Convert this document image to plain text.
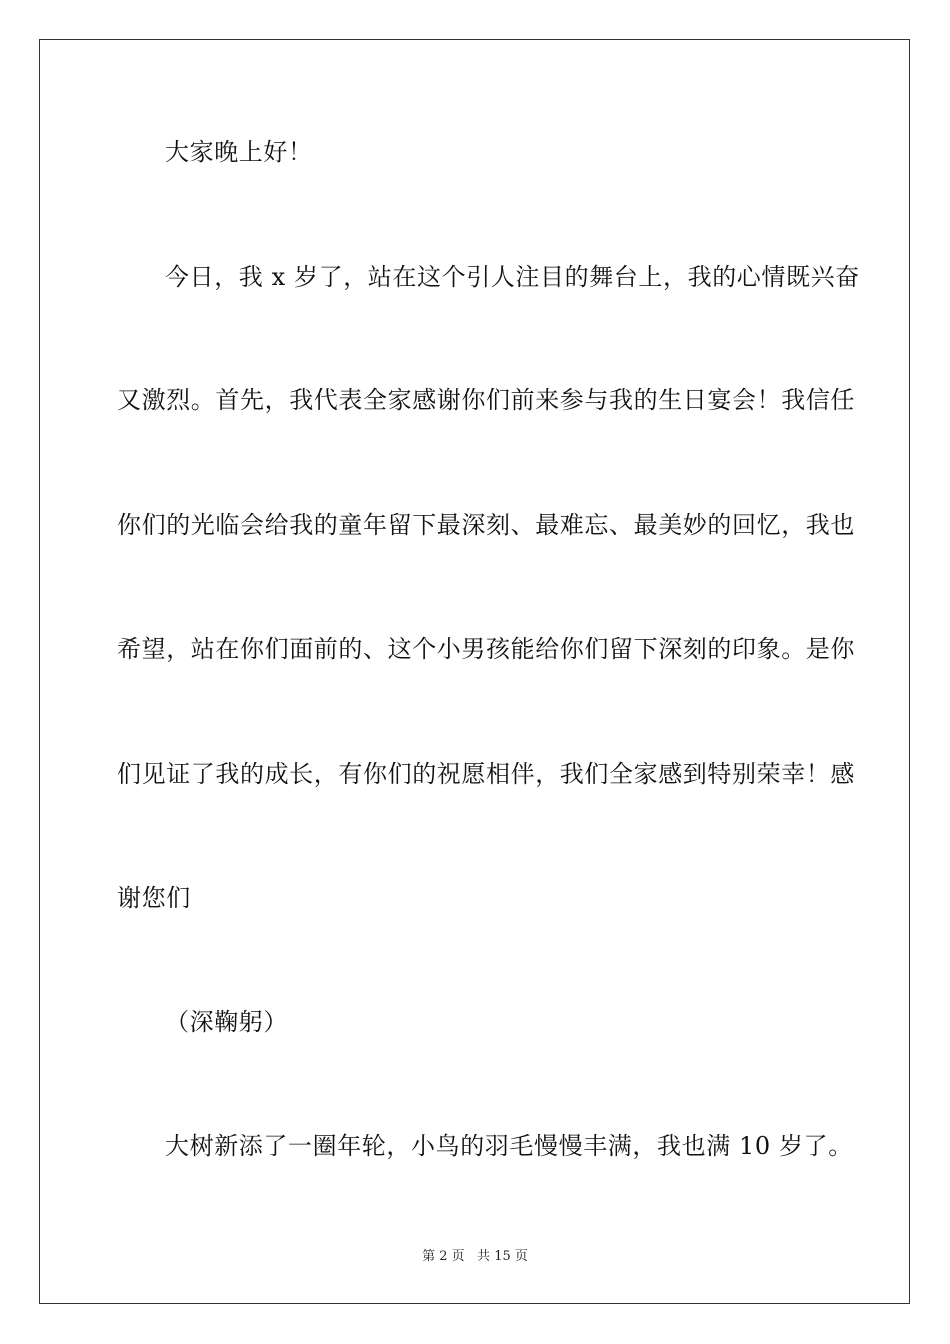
大家晚上好！
今日，我 x 岁了，站在这个引人注目的舞台上，我的心情既兴奋
又激烈。首先，我代表全家感谢你们前来参与我的生日宴会！我信任
你们的光临会给我的童年留下最深刻、最难忘、最美妙的回忆，我也
希望，站在你们面前的、这个小男孩能给你们留下深刻的印象。是你
们见证了我的成长，有你们的祝愿相伴，我们全家感到特别荣幸！感
谢您们
（深鞠躬）
大树新添了一圈年轮，小鸟的羽毛慢慢丰满，我也满 10 岁了。
第 2 页   共 15 页
